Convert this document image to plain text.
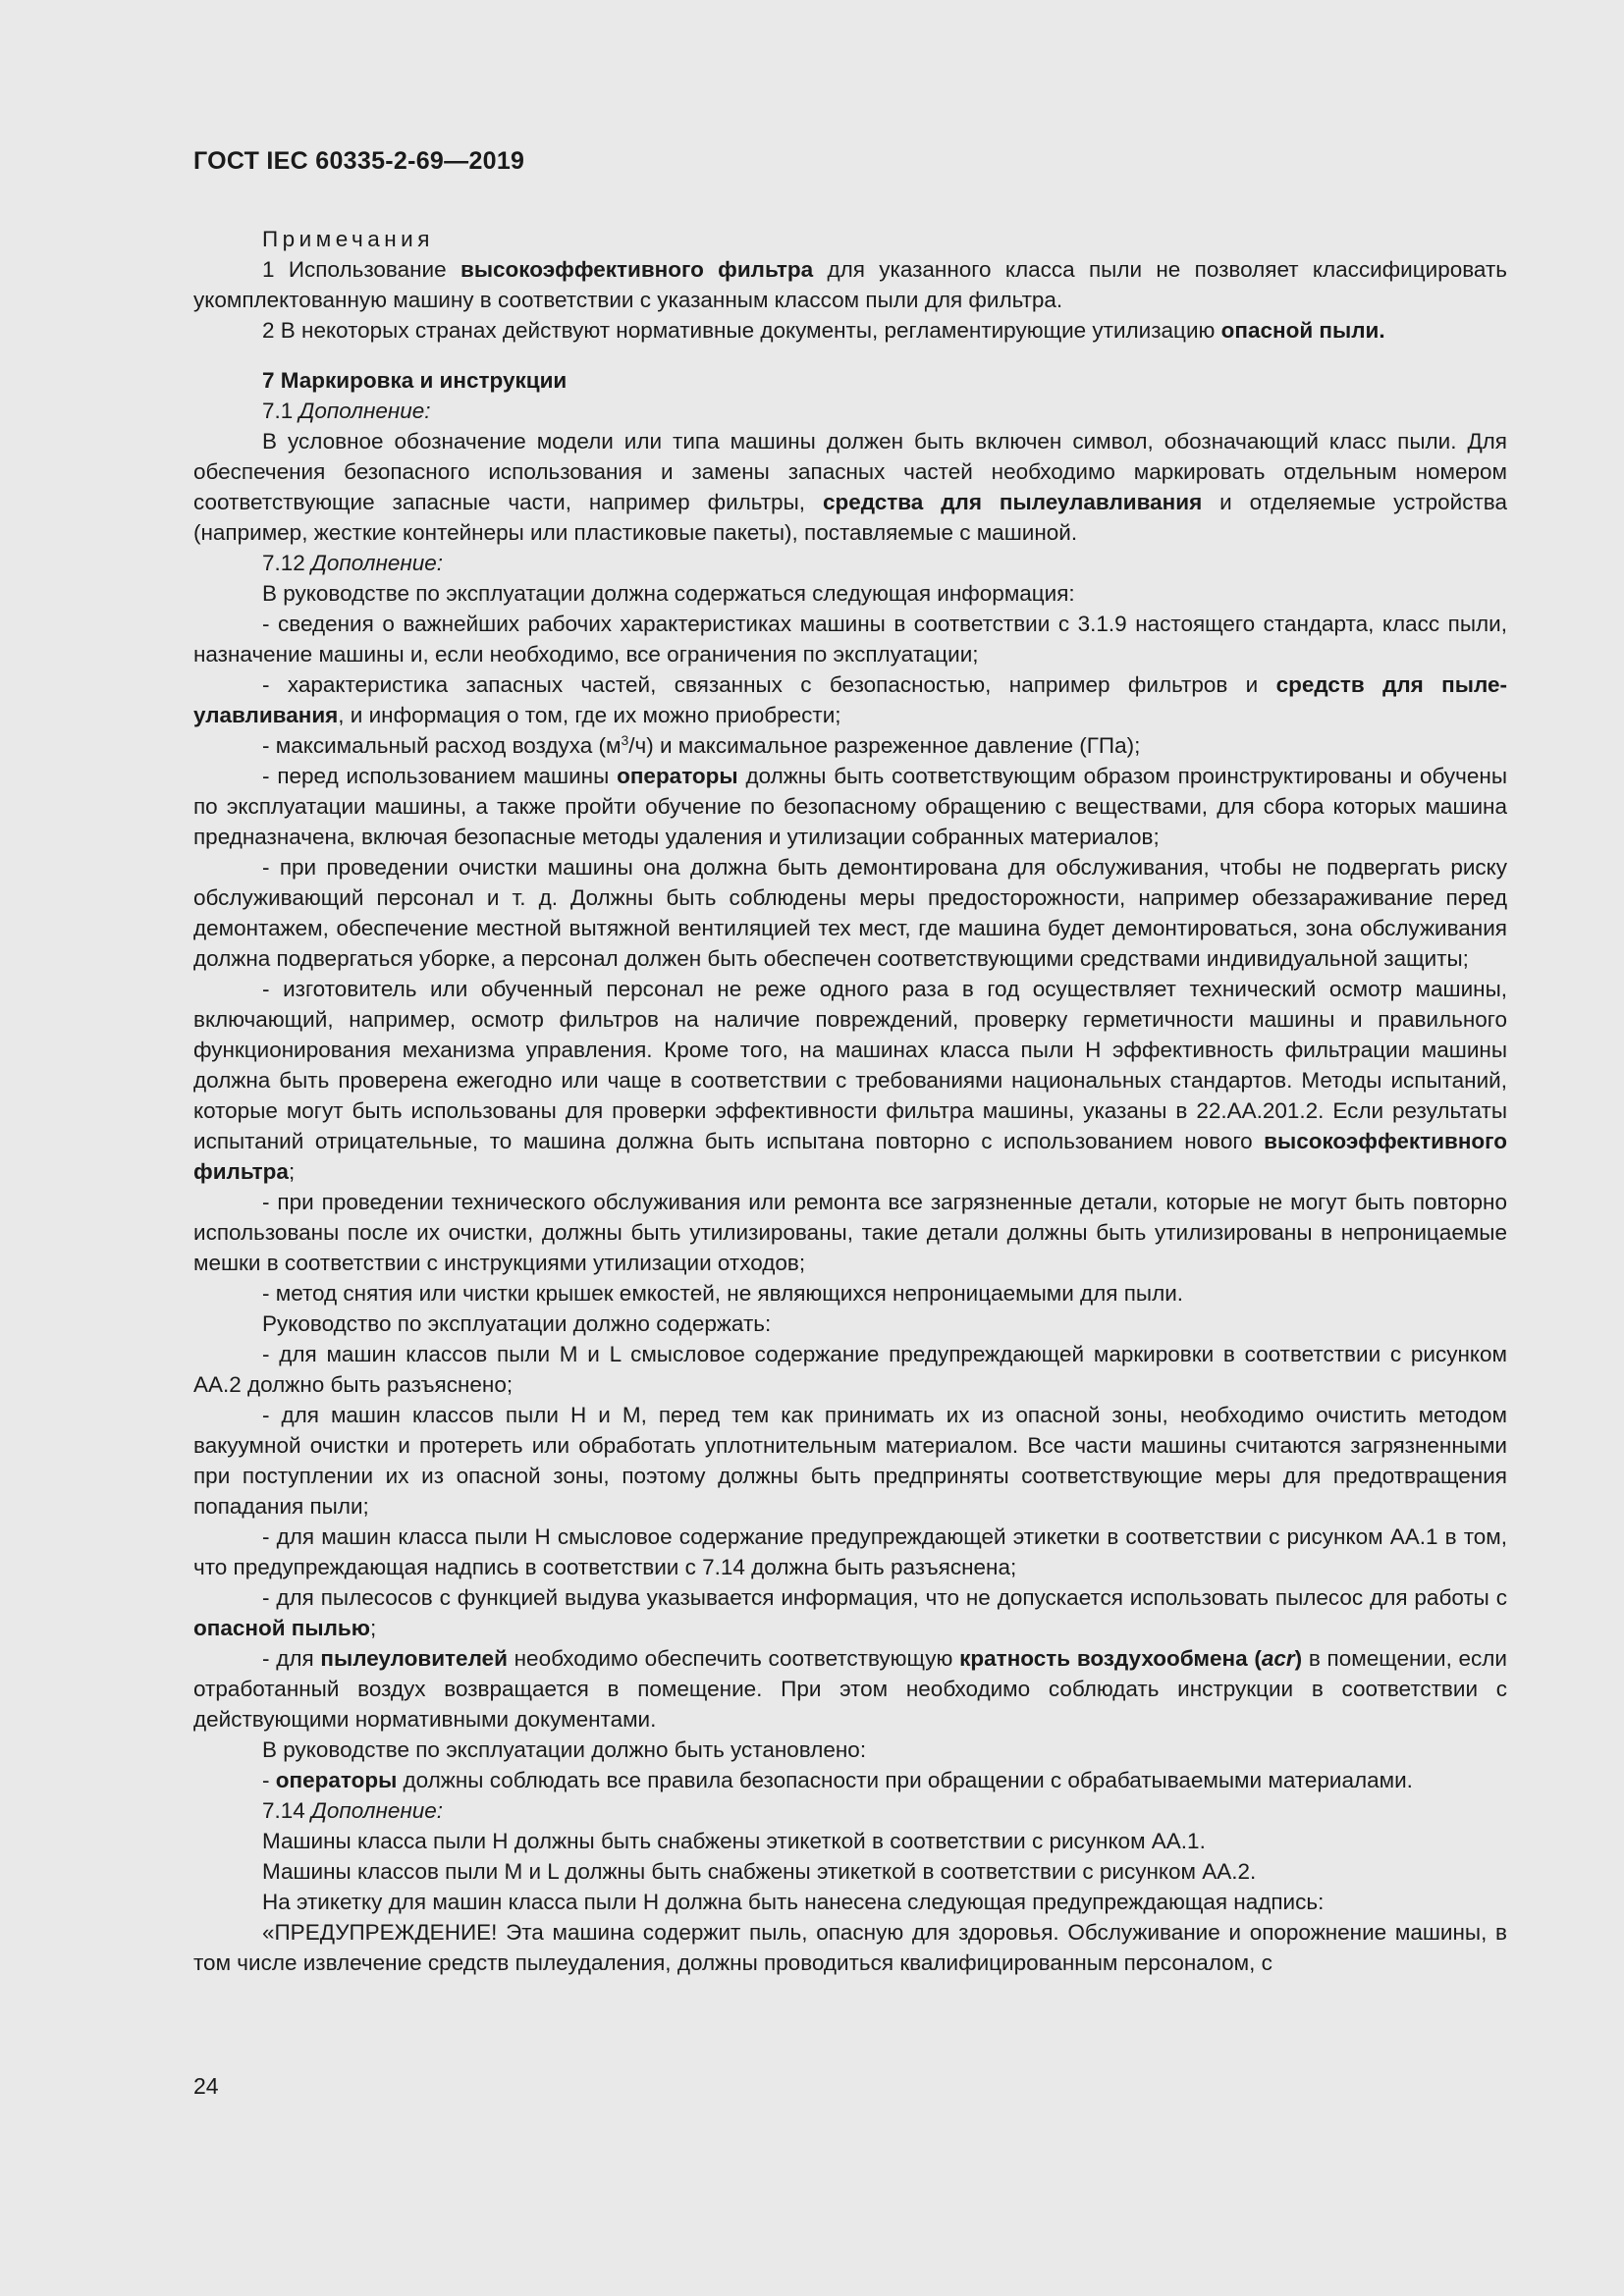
ГОСТ IEC 60335-2-69—2019

Примечания

1 Использование высокоэффективного фильтра для указанного класса пыли не позволяет классифицировать укомплектованную машину в соответствии с указанным классом пыли для фильтра.

2 В некоторых странах действуют нормативные документы, регламентирующие утилизацию опасной пыли.

7 Маркировка и инструкции

7.1 Дополнение:

В условное обозначение модели или типа машины должен быть включен символ, обозначающий класс пыли. Для обеспечения безопасного использования и замены запасных частей необходимо маркировать отдельным номером соответствующие запасные части, например фильтры, средства для пылеулавливания и отделяемые устройства (например, жесткие контейнеры или пластиковые пакеты), поставляемые с машиной.

7.12 Дополнение:

В руководстве по эксплуатации должна содержаться следующая информация:

- сведения о важнейших рабочих характеристиках машины в соответствии с 3.1.9 настоящего стандарта, класс пыли, назначение машины и, если необходимо, все ограничения по эксплуатации;

- характеристика запасных частей, связанных с безопасностью, например фильтров и средств для пылеулавливания, и информация о том, где их можно приобрести;

- максимальный расход воздуха $(м^3/ч)$ и максимальное разреженное давление (ГПа);

- перед использованием машины операторы должны быть соответствующим образом проинструктированы и обучены по эксплуатации машины, а также пройти обучение по безопасному обращению с веществами, для сбора которых машина предназначена, включая безопасные методы удаления и утилизации собранных материалов;

- при проведении очистки машины она должна быть демонтирована для обслуживания, чтобы не подвергать риску обслуживающий персонал и т. д. Должны быть соблюдены меры предосторожности, например обеззараживание перед демонтажем, обеспечение местной вытяжной вентиляцией тех мест, где машина будет демонтироваться, зона обслуживания должна подвергаться уборке, а персонал должен быть обеспечен соответствующими средствами индивидуальной защиты;

- изготовитель или обученный персонал не реже одного раза в год осуществляет технический осмотр машины, включающий, например, осмотр фильтров на наличие повреждений, проверку герметичности машины и правильного функционирования механизма управления. Кроме того, на машинах класса пыли Н эффективность фильтрации машины должна быть проверена ежегодно или чаще в соответствии с требованиями национальных стандартов. Методы испытаний, которые могут быть использованы для проверки эффективности фильтра машины, указаны в 22.АА.201.2. Если результаты испытаний отрицательные, то машина должна быть испытана повторно с использованием нового высокоэффективного фильтра;

- при проведении технического обслуживания или ремонта все загрязненные детали, которые не могут быть повторно использованы после их очистки, должны быть утилизированы, такие детали должны быть утилизированы в непроницаемые мешки в соответствии с инструкциями утилизации отходов;

- метод снятия или чистки крышек емкостей, не являющихся непроницаемыми для пыли.

Руководство по эксплуатации должно содержать:

- для машин классов пыли М и L смысловое содержание предупреждающей маркировки в соответствии с рисунком АА.2 должно быть разъяснено;

- для машин классов пыли Н и М, перед тем как принимать их из опасной зоны, необходимо очистить методом вакуумной очистки и протереть или обработать уплотнительным материалом. Все части машины считаются загрязненными при поступлении их из опасной зоны, поэтому должны быть предприняты соответствующие меры для предотвращения попадания пыли;

- для машин класса пыли Н смысловое содержание предупреждающей этикетки в соответствии с рисунком АА.1 в том, что предупреждающая надпись в соответствии с 7.14 должна быть разъяснена;

- для пылесосов с функцией выдува указывается информация, что не допускается использовать пылесос для работы с опасной пылью;

- для пылеуловителей необходимо обеспечить соответствующую кратность воздухообмена (acr) в помещении, если отработанный воздух возвращается в помещение. При этом необходимо соблюдать инструкции в соответствии с действующими нормативными документами.

В руководстве по эксплуатации должно быть установлено:

- операторы должны соблюдать все правила безопасности при обращении с обрабатываемыми материалами.

7.14 Дополнение:

Машины класса пыли Н должны быть снабжены этикеткой в соответствии с рисунком АА.1.

Машины классов пыли М и L должны быть снабжены этикеткой в соответствии с рисунком АА.2.

На этикетку для машин класса пыли Н должна быть нанесена следующая предупреждающая надпись:

«ПРЕДУПРЕЖДЕНИЕ! Эта машина содержит пыль, опасную для здоровья. Обслуживание и опорожнение машины, в том числе извлечение средств пылеудаления, должны проводиться квалифицированным персоналом, с

24
